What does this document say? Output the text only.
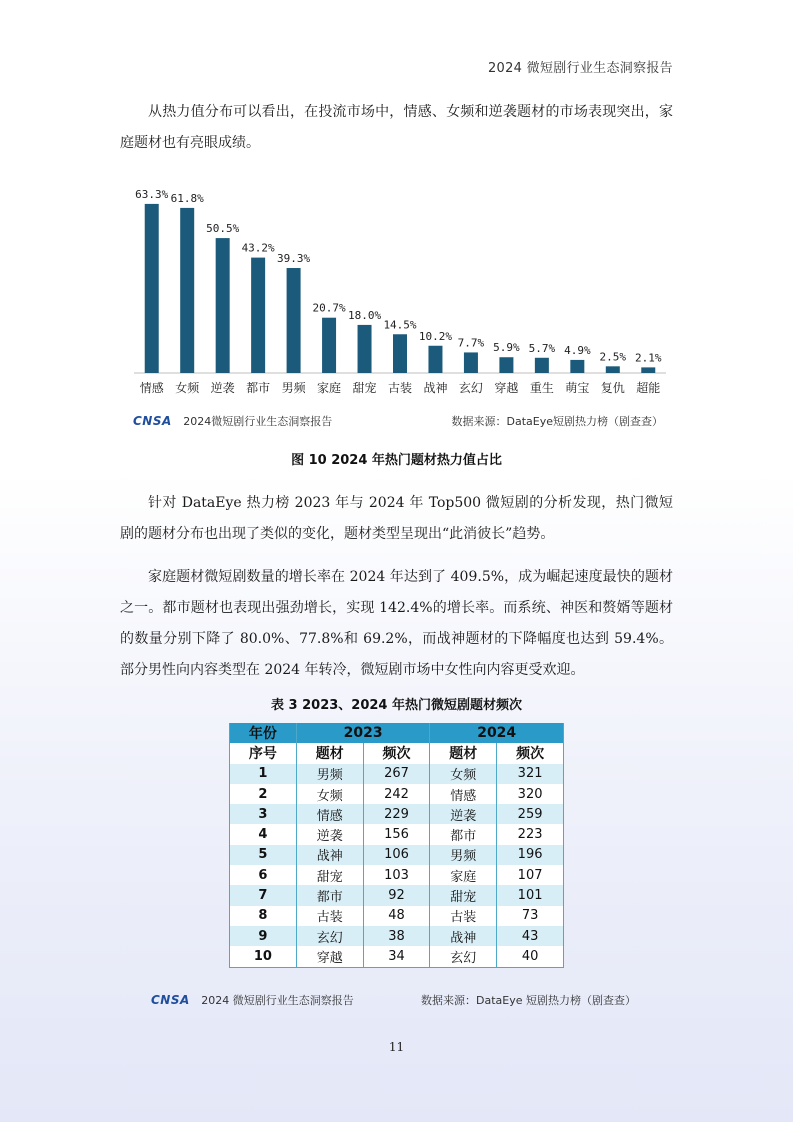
2024 微短剧行业生态洞察报告

从热力值分布可以看出，在投流市场中，情感、女频和逆袭题材的市场表现突出，家庭题材也有亮眼成绩。

63.3%
情感
61.8%
女频
50.5%
逆袭
43.2%
都市
39.3%
男频
20.7%
家庭
18.0%
甜宠
14.5%
古装
10.2%
战神
7.7%
玄幻
5.9%
穿越
5.7%
重生
4.9%
萌宝
2.5%
复仇
2.1%
超能
CNSA 2024微短剧行业生态洞察报告	数据来源：DataEye短剧热力榜（剧查查）
图 10 2024 年热门题材热力值占比

针对 DataEye 热力榜 2023 年与 2024 年 Top500 微短剧的分析发现，热门微短剧的题材分布也出现了类似的变化，题材类型呈现出“此消彼长”趋势。

家庭题材微短剧数量的增长率在 2024 年达到了 409.5%，成为崛起速度最快的题材之一。都市题材也表现出强劲增长，实现 142.4%的增长率。而系统、神医和赘婿等题材的数量分别下降了 80.0%、77.8%和 69.2%，而战神题材的下降幅度也达到 59.4%。部分男性向内容类型在 2024 年转冷，微短剧市场中女性向内容更受欢迎。

表 3 2023、2024 年热门微短剧题材频次
年份	2023		2024	
序号	题材	频次	题材	频次
1	男频	267	女频	321
2	女频	242	情感	320
3	情感	229	逆袭	259
4	逆袭	156	都市	223
5	战神	106	男频	196
6	甜宠	103	家庭	107
7	都市	92	甜宠	101
8	古装	48	古装	73
9	玄幻	38	战神	43
10	穿越	34	玄幻	40
CNSA 2024 微短剧行业生态洞察报告	数据来源：DataEye 短剧热力榜（剧查查）
11
